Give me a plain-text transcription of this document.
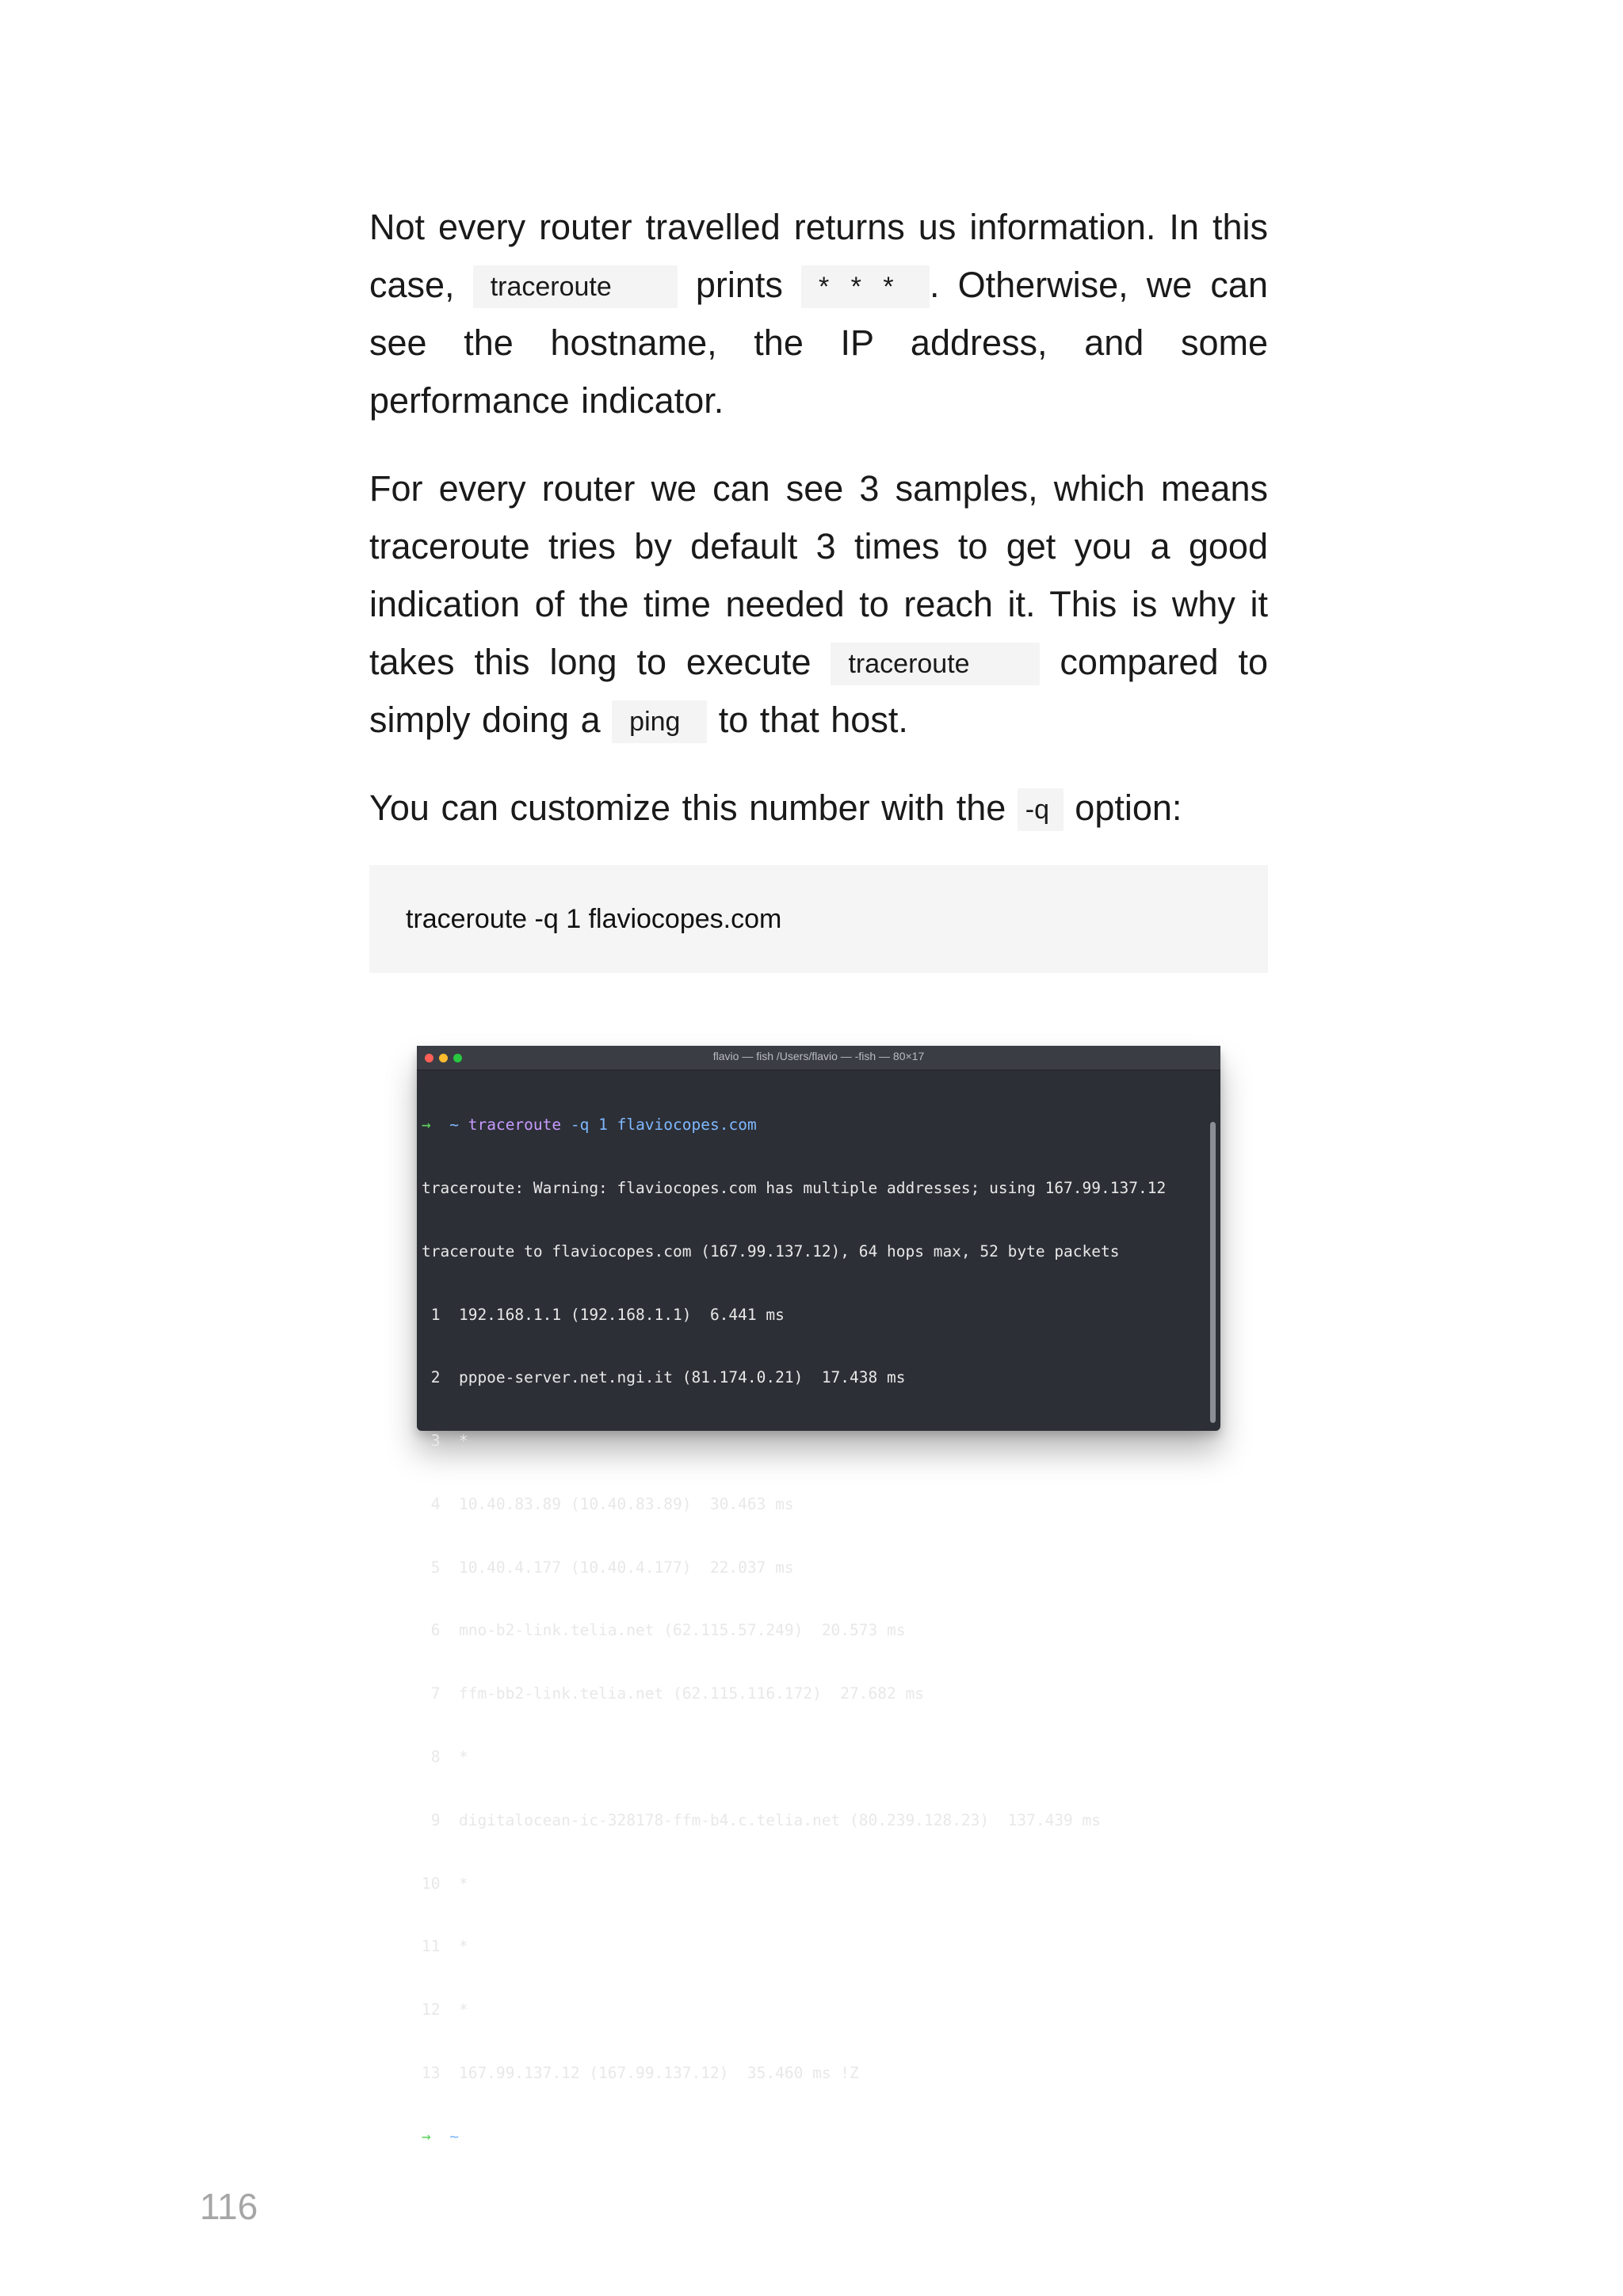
Not every router travelled returns us information. In this case, traceroute prints * * * . Otherwise, we can see the hostname, the IP address, and some performance indicator.

For every router we can see 3 samples, which means traceroute tries by default 3 times to get you a good indication of the time needed to reach it. This is why it takes this long to execute traceroute	compared to simply doing a ping to that host.

You can customize this number with the -q option:

traceroute -q 1 flaviocopes.com
flavio — fish /Users/flavio — -fish — 80×17

→ ~ traceroute -q 1 flaviocopes.com

traceroute: Warning: flaviocopes.com has multiple addresses; using 167.99.137.12

traceroute to flaviocopes.com (167.99.137.12), 64 hops max, 52 byte packets

1  192.168.1.1 (192.168.1.1)  6.441 ms

2  pppoe-server.net.ngi.it (81.174.0.21)  17.438 ms

3  *

4  10.40.83.89 (10.40.83.89)  30.463 ms

5  10.40.4.177 (10.40.4.177)  22.037 ms

6  mno-b2-link.telia.net (62.115.57.249)  20.573 ms

7  ffm-bb2-link.telia.net (62.115.116.172)  27.682 ms

8  *

9  digitalocean-ic-328178-ffm-b4.c.telia.net (80.239.128.23)  137.439 ms

10  *

11  *

12  *

13  167.99.137.12 (167.99.137.12)  35.460 ms !Z

→ ~

116
